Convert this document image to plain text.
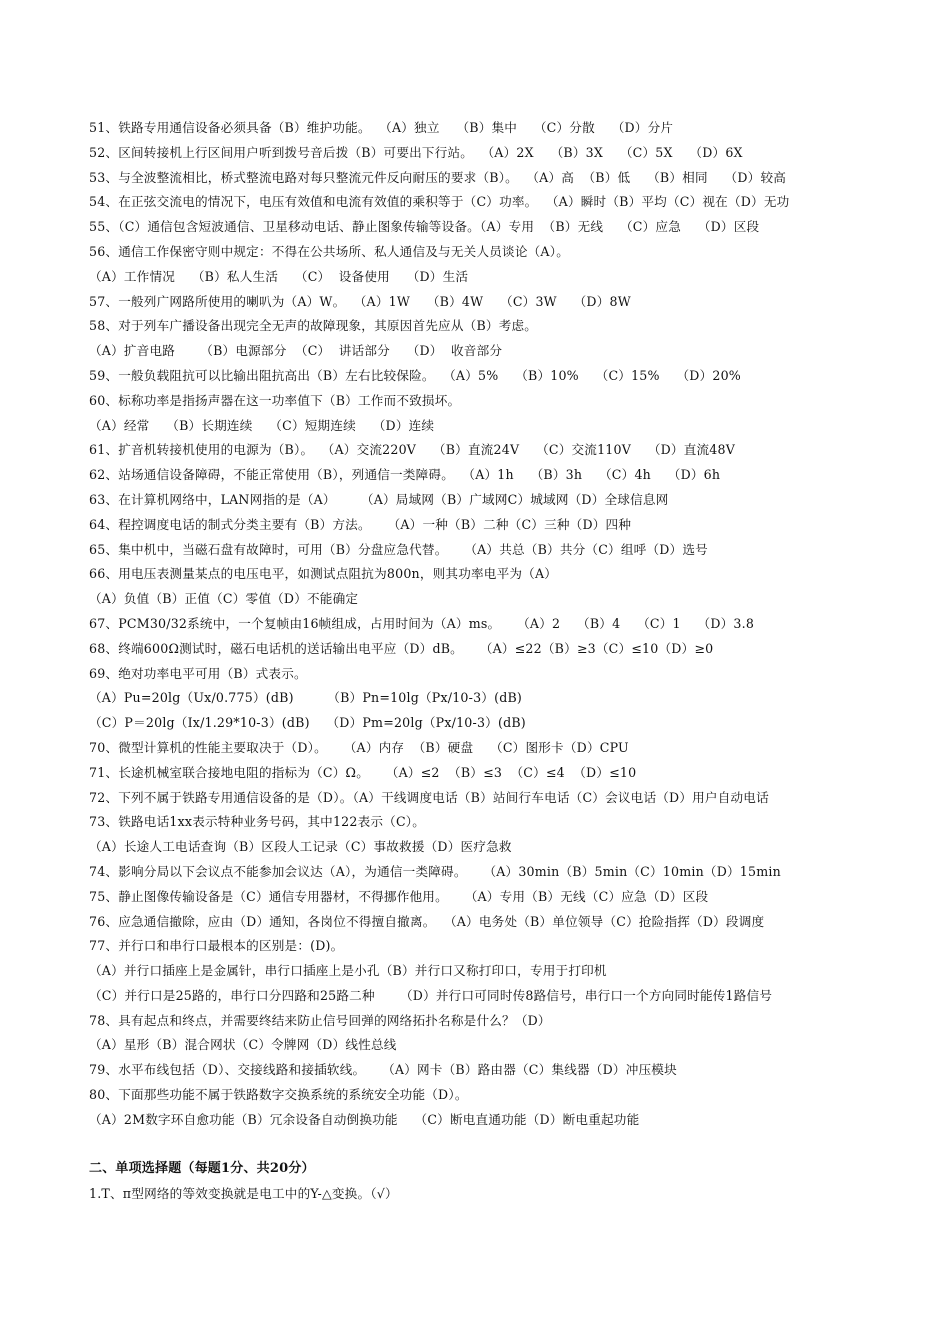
51、铁路专用通信设备必须具备（B）维护功能。  （A）独立    （B）集中    （C）分散    （D）分片
52、区间转接机上行区间用户听到拨号音后拨（B）可要出下行站。  （A）2X    （B）3X    （C）5X    （D）6X
53、与全波整流相比，桥式整流电路对每只整流元件反向耐压的要求（B）。  （A）高  （B）低    （B）相同    （D）较高
54、在正弦交流电的情况下，电压有效值和电流有效值的乘积等于（C）功率。  （A）瞬时（B）平均（C）视在（D）无功
55、（C）通信包含短波通信、卫星移动电话、静止图象传输等设备。（A）专用  （B）无线    （C）应急    （D）区段
56、通信工作保密守则中规定：不得在公共场所、私人通信及与无关人员谈论（A）。
（A）工作情况    （B）私人生活    （C）  设备使用    （D）生活
57、一般列广网路所使用的喇叭为（A）W。  （A）1W    （B）4W    （C）3W    （D）8W
58、对于列车广播设备出现完全无声的故障现象，其原因首先应从（B）考虑。
（A）扩音电路      （B）电源部分  （C）  讲话部分    （D）  收音部分
59、一般负载阻抗可以比输出阻抗高出（B）左右比较保险。  （A）5%    （B）10%    （C）15%    （D）20%
60、标称功率是指扬声器在这一功率值下（B）工作而不致损坏。
（A）经常    （B）长期连续    （C）短期连续    （D）连续
61、扩音机转接机使用的电源为（B）。  （A）交流220V    （B）直流24V    （C）交流110V    （D）直流48V
62、站场通信设备障碍，不能正常使用（B），列通信一类障碍。  （A）1h    （B）3h    （C）4h    （D）6h
63、在计算机网络中，LAN网指的是（A）      （A）局域网（B）广域网C）城域网（D）全球信息网
64、程控调度电话的制式分类主要有（B）方法。    （A）一种（B）二种（C）三种（D）四种
65、集中机中，当磁石盘有故障时，可用（B）分盘应急代替。    （A）共总（B）共分（C）组呼（D）选号
66、用电压表测量某点的电压电平，如测试点阻抗为800n，则其功率电平为（A）
（A）负值（B）正值（C）零值（D）不能确定
67、PCM30/32系统中，一个复帧由16帧组成，占用时间为（A）ms。    （A）2    （B）4    （C）1    （D）3.8
68、终端600Ω测试时，磁石电话机的送话输出电平应（D）dB。    （A）≤22（B）≥3（C）≤10（D）≥0
69、绝对功率电平可用（B）式表示。
（A）Pu=20lg（Ux/0.775）(dB)        （B）Pn=10lg（Px/10-3）(dB)
（C）P＝20lg（Ix/1.29*10-3）(dB)    （D）Pm=20lg（Px/10-3）(dB)
70、微型计算机的性能主要取决于（D）。    （A）内存  （B）硬盘    （C）图形卡（D）CPU
71、长途机械室联合接地电阻的指标为（C）Ω。    （A）≤2  （B）≤3  （C）≤4  （D）≤10
72、下列不属于铁路专用通信设备的是（D）。（A）干线调度电话（B）站间行车电话（C）会议电话（D）用户自动电话
73、铁路电话1xx表示特种业务号码，其中122表示（C）。
（A）长途人工电话查询（B）区段人工记录（C）事故救援（D）医疗急救
74、影响分局以下会议点不能参加会议达（A），为通信一类障碍。    （A）30min（B）5min（C）10min（D）15min
75、静止图像传输设备是（C）通信专用器材，不得挪作他用。    （A）专用（B）无线（C）应急（D）区段
76、应急通信撤除，应由（D）通知，各岗位不得擅自撤离。  （A）电务处（B）单位领导（C）抢险指挥（D）段调度
77、并行口和串行口最根本的区别是：(D)。
（A）并行口插座上是金属针，串行口插座上是小孔（B）并行口又称打印口，专用于打印机
（C）并行口是25路的，串行口分四路和25路二种      （D）并行口可同时传8路信号，串行口一个方向同时能传1路信号
78、具有起点和终点，并需要终结来防止信号回弹的网络拓扑名称是什么？（D）
（A）星形（B）混合网状（C）令牌网（D）线性总线
79、水平布线包括（D）、交接线路和接插软线。    （A）网卡（B）路由器（C）集线器（D）冲压模块
80、下面那些功能不属于铁路数字交换系统的系统安全功能（D）。
（A）2M数字环自愈功能（B）冗余设备自动倒换功能    （C）断电直通功能（D）断电重起功能
二、单项选择题（每题1分、共20分）
1.T、π型网络的等效变换就是电工中的Y-△变换。（√）
